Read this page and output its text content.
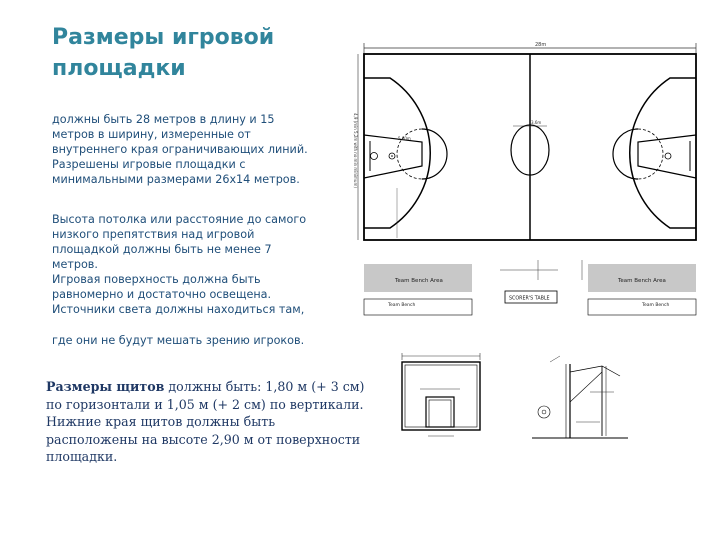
Размеры игровой площадки
должны быть 28 метров в длину и 15
метров в ширину, измеренные от
внутреннего края ограничивающих линий.
Разрешены игровые площадки с
минимальными размерами 26х14 метров.
Высота потолка или расстояние до самого
низкого препятствия над игровой
площадкой должны быть не менее 7
метров.
Игровая поверхность должна быть
равномерно и достаточно освещена.
Источники света должны находиться там,
где они не будут мешать зрению игроков.
Размеры щитов должны быть: 1,80 м (+ 3 см)
по горизонтали и 1,05 м (+ 2 см) по вертикали.
Нижние края щитов должны быть
расположены на высоте 2,90 м от поверхности
площадки.
28m
4,9 (min 5,2m with no min minimum)	3,6m
5,80m
Team Bench Area	Team Bench Area
SCORER'S TABLE
Team Bench	Team Bench
